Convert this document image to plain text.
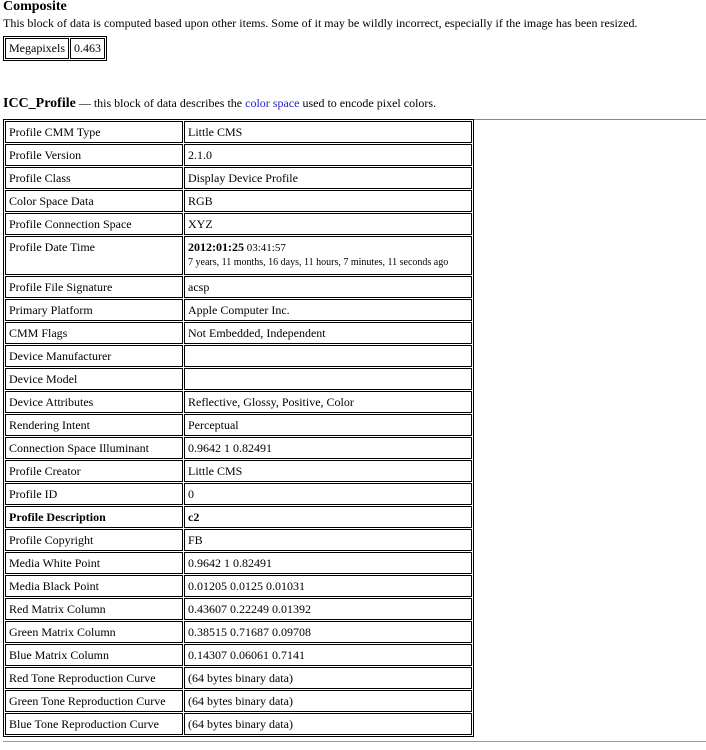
Composite
This block of data is computed based upon other items. Some of it may be wildly incorrect, especially if the image has been resized.
Megapixels	0.463
ICC_Profile — this block of data describes the color space used to encode pixel colors.
Profile CMM Type	Little CMS
Profile Version	2.1.0
Profile Class	Display Device Profile
Color Space Data	RGB
Profile Connection Space	XYZ
Profile Date Time	2012:01:25 03:41:57
7 years, 11 months, 16 days, 11 hours, 7 minutes, 11 seconds ago

Profile File Signature	acsp
Primary Platform	Apple Computer Inc.
CMM Flags	Not Embedded, Independent
Device Manufacturer	
Device Model	
Device Attributes	Reflective, Glossy, Positive, Color
Rendering Intent	Perceptual
Connection Space Illuminant	0.9642 1 0.82491
Profile Creator	Little CMS
Profile ID	0
Profile Description	c2
Profile Copyright	FB
Media White Point	0.9642 1 0.82491
Media Black Point	0.01205 0.0125 0.01031
Red Matrix Column	0.43607 0.22249 0.01392
Green Matrix Column	0.38515 0.71687 0.09708
Blue Matrix Column	0.14307 0.06061 0.7141
Red Tone Reproduction Curve	(64 bytes binary data)
Green Tone Reproduction Curve	(64 bytes binary data)
Blue Tone Reproduction Curve	(64 bytes binary data)
